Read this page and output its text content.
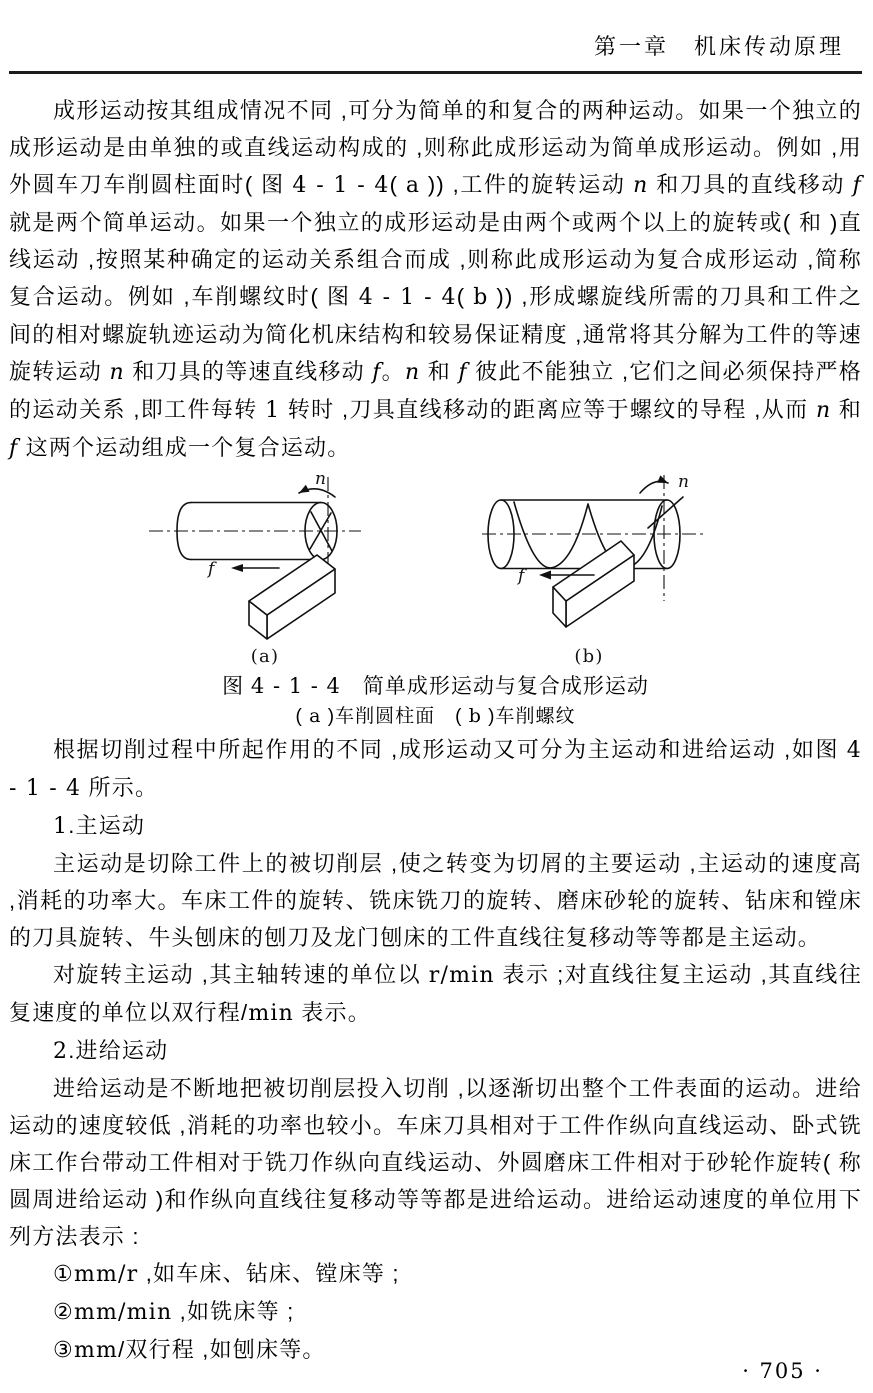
第一章　机床传动原理

成形运动按其组成情况不同 ,可分为简单的和复合的两种运动。如果一个独立的成形运动是由单独的或直线运动构成的 ,则称此成形运动为简单成形运动。例如 ,用外圆车刀车削圆柱面时( 图 4 - 1 - 4( a )) ,工件的旋转运动 n 和刀具的直线移动 f 就是两个简单运动。如果一个独立的成形运动是由两个或两个以上的旋转或( 和 )直线运动 ,按照某种确定的运动关系组合而成 ,则称此成形运动为复合成形运动 ,简称复合运动。例如 ,车削螺纹时( 图 4 - 1 - 4( b )) ,形成螺旋线所需的刀具和工件之间的相对螺旋轨迹运动为简化机床结构和较易保证精度 ,通常将其分解为工件的等速旋转运动 n 和刀具的等速直线移动 f。n 和 f 彼此不能独立 ,它们之间必须保持严格的运动关系 ,即工件每转 1 转时 ,刀具直线移动的距离应等于螺纹的导程 ,从而 n 和 f 这两个运动组成一个复合运动。

n
f
(a)
n
f
(b)
图 4 - 1 - 4　简单成形运动与复合成形运动
( a )车削圆柱面　( b )车削螺纹

根据切削过程中所起作用的不同 ,成形运动又可分为主运动和进给运动 ,如图 4 - 1 - 4 所示。

1.主运动

主运动是切除工件上的被切削层 ,使之转变为切屑的主要运动 ,主运动的速度高 ,消耗的功率大。车床工件的旋转、铣床铣刀的旋转、磨床砂轮的旋转、钻床和镗床的刀具旋转、牛头刨床的刨刀及龙门刨床的工件直线往复移动等等都是主运动。

对旋转主运动 ,其主轴转速的单位以 r/min 表示 ;对直线往复主运动 ,其直线往复速度的单位以双行程/min 表示。

2.进给运动

进给运动是不断地把被切削层投入切削 ,以逐渐切出整个工件表面的运动。进给运动的速度较低 ,消耗的功率也较小。车床刀具相对于工件作纵向直线运动、卧式铣床工作台带动工件相对于铣刀作纵向直线运动、外圆磨床工件相对于砂轮作旋转( 称圆周进给运动 )和作纵向直线往复移动等等都是进给运动。进给运动速度的单位用下列方法表示 :

①mm/r ,如车床、钻床、镗床等 ;

②mm/min ,如铣床等 ;

③mm/双行程 ,如刨床等。

· 705 ·
